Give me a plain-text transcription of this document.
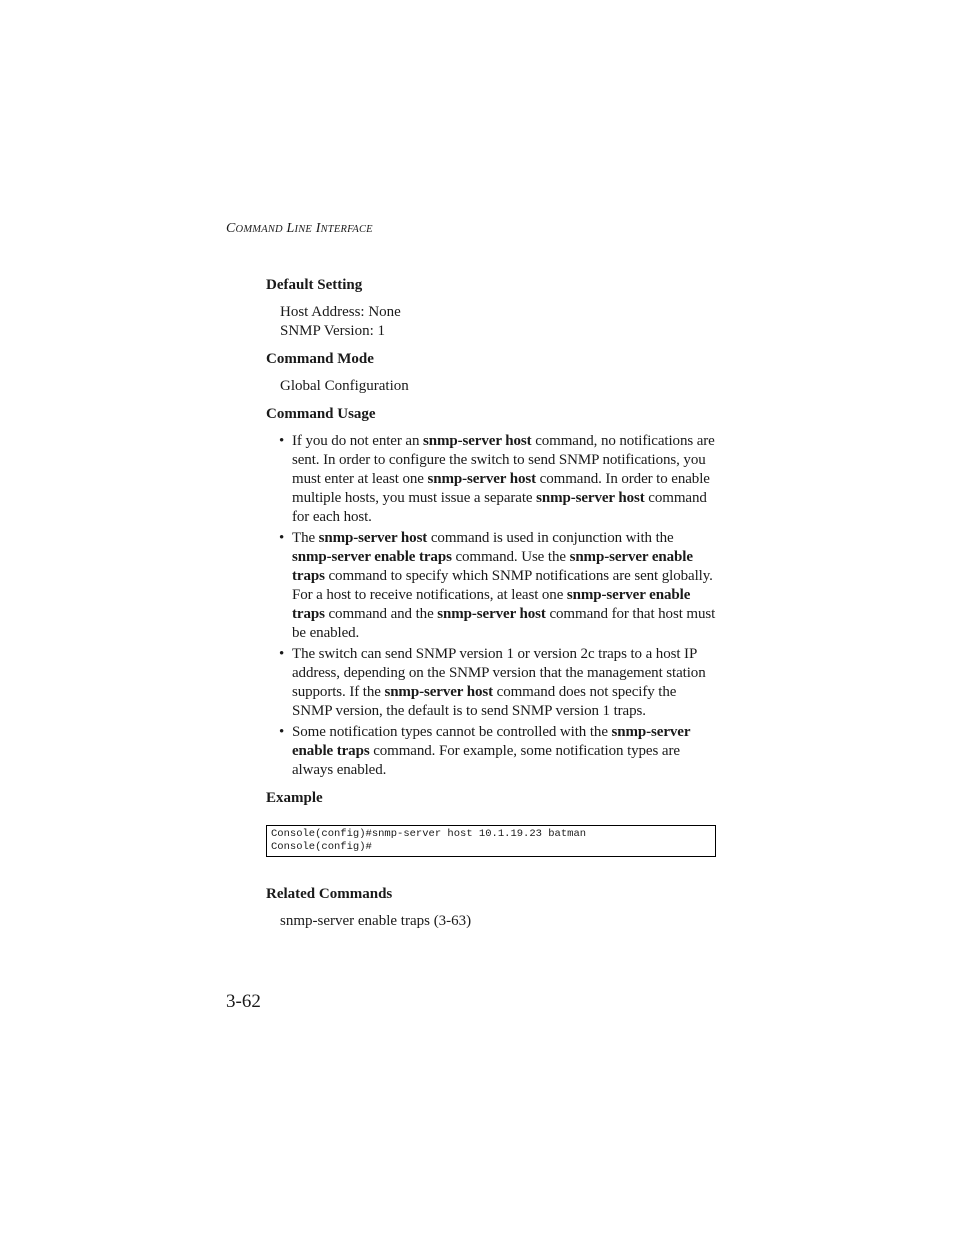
COMMAND LINE INTERFACE
Default Setting
Host Address: None
SNMP Version: 1
Command Mode
Global Configuration
Command Usage
• If you do not enter an snmp-server host command, no notifications are sent. In order to configure the switch to send SNMP notifications, you must enter at least one snmp-server host command. In order to enable multiple hosts, you must issue a separate snmp-server host command for each host.
• The snmp-server host command is used in conjunction with the snmp-server enable traps command. Use the snmp-server enable traps command to specify which SNMP notifications are sent globally. For a host to receive notifications, at least one snmp-server enable traps command and the snmp-server host command for that host must be enabled.
• The switch can send SNMP version 1 or version 2c traps to a host IP address, depending on the SNMP version that the management station supports. If the snmp-server host command does not specify the SNMP version, the default is to send SNMP version 1 traps.
• Some notification types cannot be controlled with the snmp-server enable traps command. For example, some notification types are always enabled.
Example
Console(config)#snmp-server host 10.1.19.23 batman
Console(config)#
Related Commands
snmp-server enable traps (3-63)
3-62
